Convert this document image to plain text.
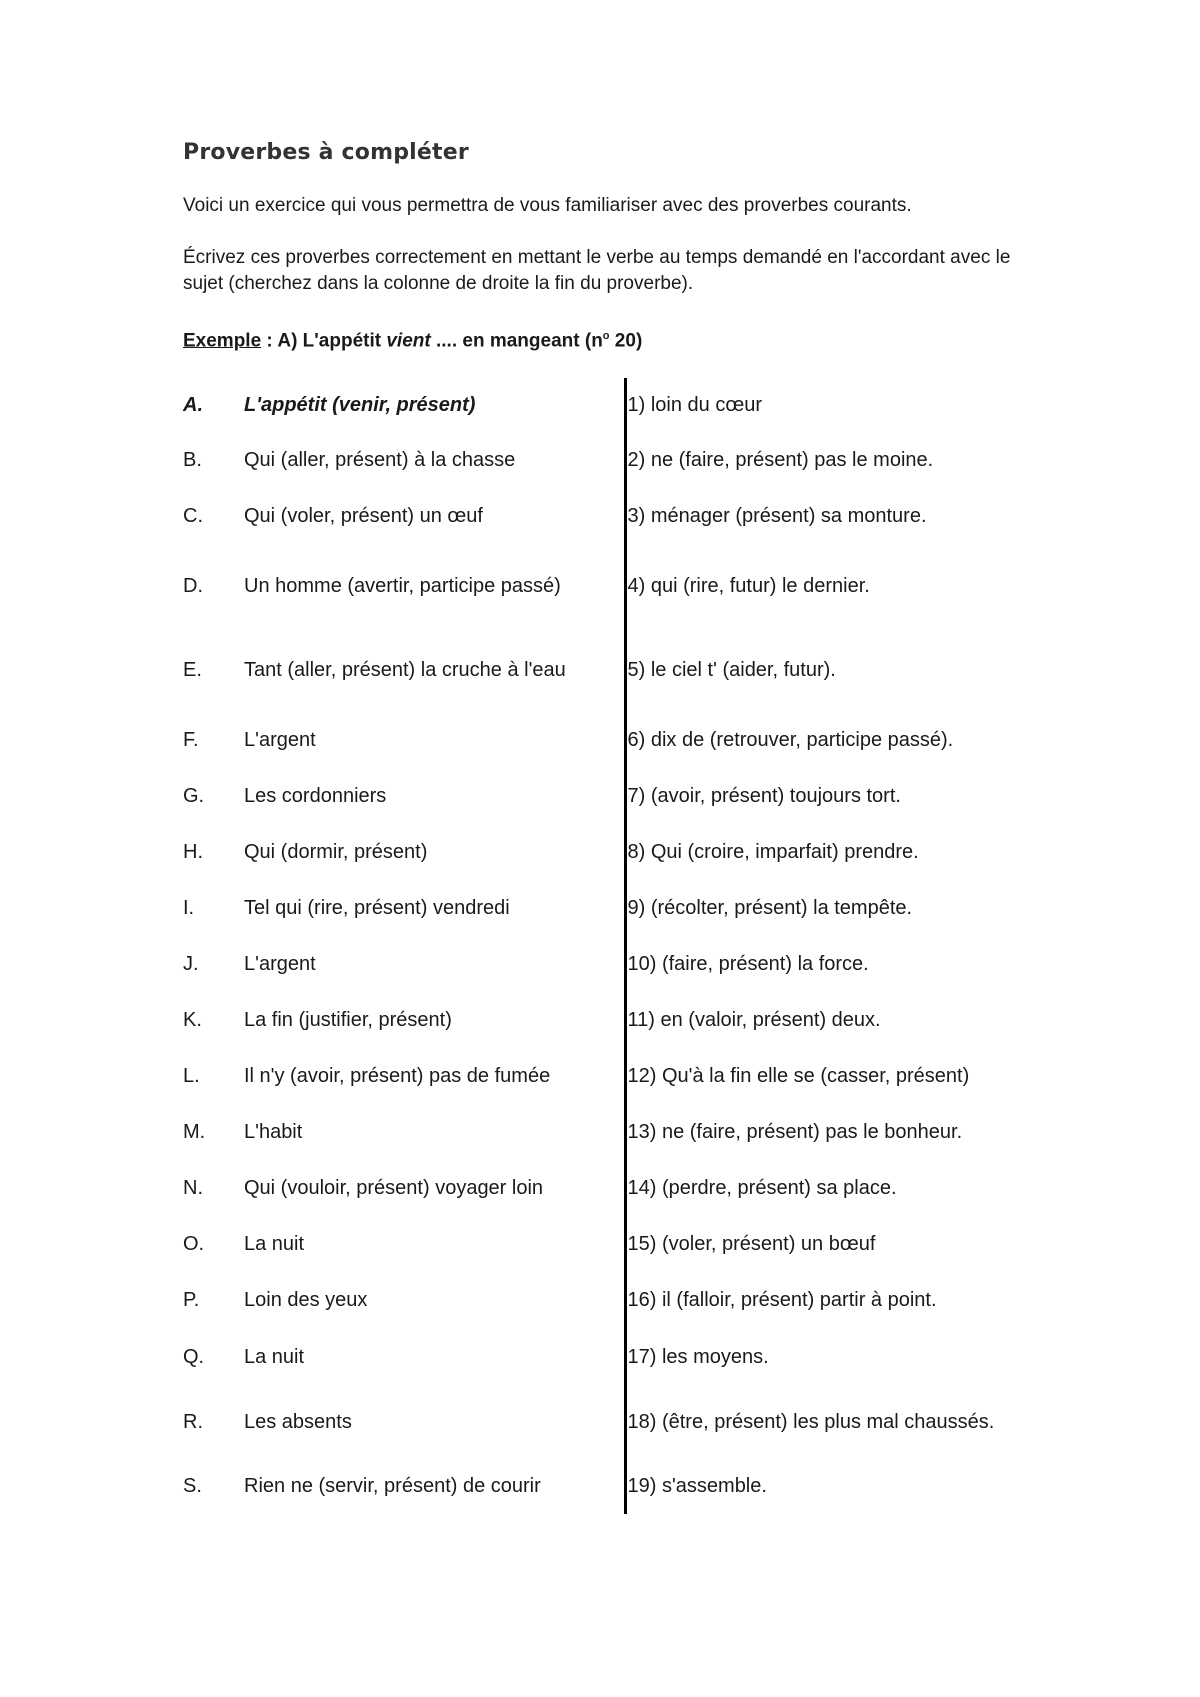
Proverbes à compléter

Voici un exercice qui vous permettra de vous familiariser avec des proverbes courants.

Écrivez ces proverbes correctement en mettant le verbe au temps demandé en l'accordant avec le sujet (cherchez dans la colonne de droite la fin du proverbe).

Exemple : A) L'appétit vient .... en mangeant ($n^o$ 20)

A. L'appétit (venir, présent)	1) loin du cœur
B. Qui (aller, présent) à la chasse	2) ne (faire, présent) pas le moine.
C. Qui (voler, présent) un œuf	3) ménager (présent) sa monture.
D. Un homme (avertir, participe passé)	4) qui (rire, futur) le dernier.
E. Tant (aller, présent) la cruche à l'eau	5) le ciel t' (aider, futur).
F. L'argent	6) dix de (retrouver, participe passé).
G. Les cordonniers	7) (avoir, présent) toujours tort.
H. Qui (dormir, présent)	8) Qui (croire, imparfait) prendre.
I. Tel qui (rire, présent) vendredi	9) (récolter, présent) la tempête.
J. L'argent	10) (faire, présent) la force.
K. La fin (justifier, présent)	11) en (valoir, présent) deux.
L. Il n'y (avoir, présent) pas de fumée	12) Qu'à la fin elle se (casser, présent)
M. L'habit	13) ne (faire, présent) pas le bonheur.
N. Qui (vouloir, présent) voyager loin	14) (perdre, présent) sa place.
O. La nuit	15) (voler, présent) un bœuf
P. Loin des yeux	16) il (falloir, présent) partir à point.
Q. La nuit	17) les moyens.
R. Les absents	18) (être, présent) les plus mal chaussés.
S. Rien ne (servir, présent) de courir	19) s'assemble.
